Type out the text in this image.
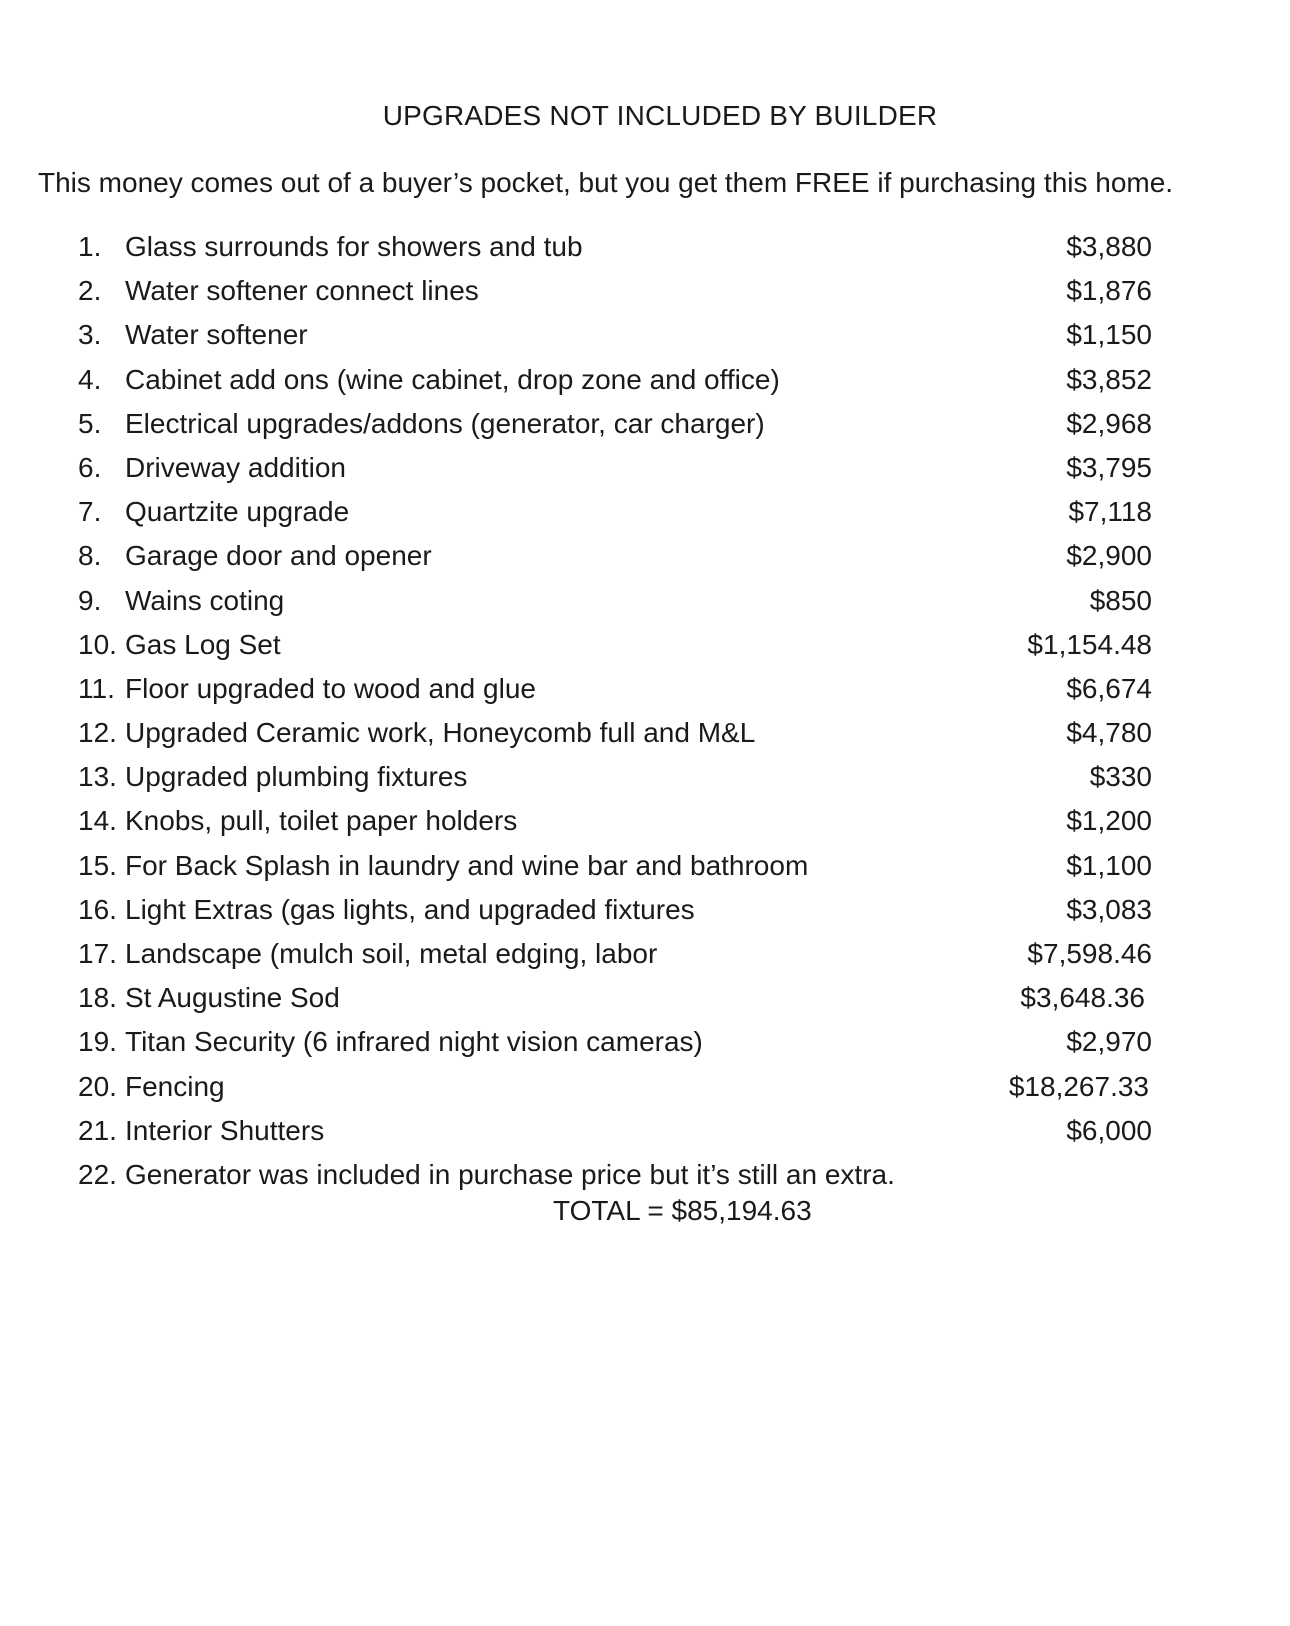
UPGRADES NOT INCLUDED BY BUILDER
This money comes out of a buyer’s pocket, but you get them FREE if purchasing this home.
1. Glass surrounds for showers and tub	$3,880
2. Water softener connect lines	$1,876
3. Water softener	$1,150
4. Cabinet add ons (wine cabinet, drop zone and office)	$3,852
5. Electrical upgrades/addons (generator, car charger)	$2,968
6. Driveway addition	$3,795
7. Quartzite upgrade	$7,118
8. Garage door and opener	$2,900
9. Wains coting	$850
10. Gas Log Set	$1,154.48
11. Floor upgraded to wood and glue	$6,674
12. Upgraded Ceramic work, Honeycomb full and M&L	$4,780
13. Upgraded plumbing fixtures	$330
14. Knobs, pull, toilet paper holders	$1,200
15. For Back Splash in laundry and wine bar and bathroom	$1,100
16. Light Extras (gas lights, and upgraded fixtures	$3,083
17. Landscape (mulch soil, metal edging, labor	$7,598.46
18. St Augustine Sod	$3,648.36
19. Titan Security (6 infrared night vision cameras)	$2,970
20. Fencing	$18,267.33
21. Interior Shutters	$6,000
22. Generator was included in purchase price but it’s still an extra.
TOTAL = $85,194.63
